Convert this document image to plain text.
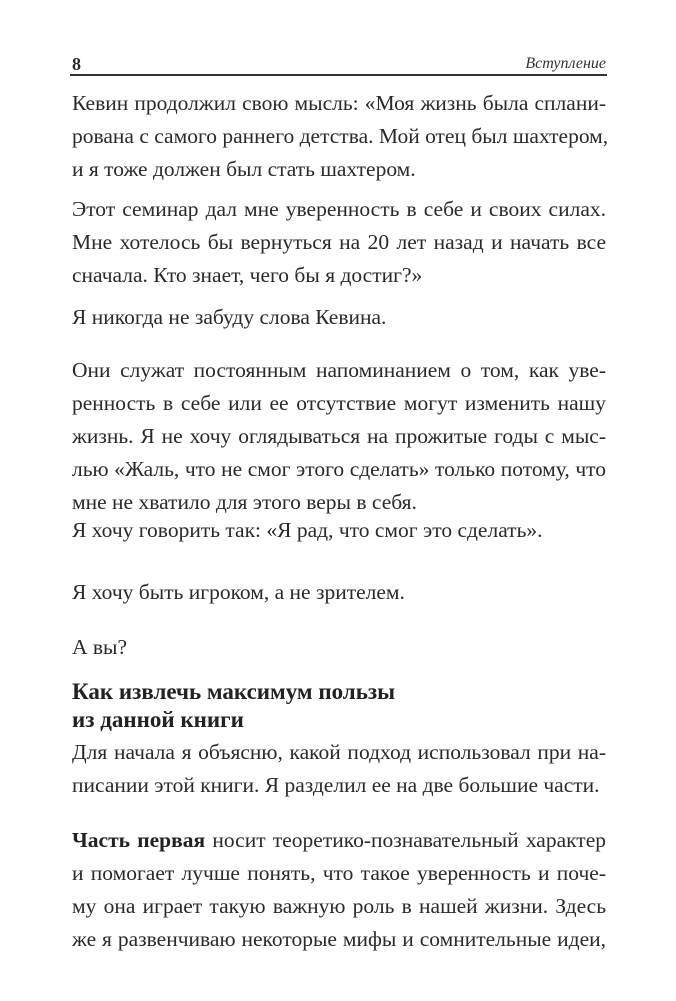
8	Вступление
Кевин продолжил свою мысль: «Моя жизнь была сплани-
рована с самого раннего детства. Мой отец был шахтером,
и я тоже должен был стать шахтером.
Этот семинар дал мне уверенность в себе и своих силах.
Мне хотелось бы вернуться на 20 лет назад и начать все
сначала. Кто знает, чего бы я достиг?»
Я никогда не забуду слова Кевина.
Они служат постоянным напоминанием о том, как уве-
ренность в себе или ее отсутствие могут изменить нашу
жизнь. Я не хочу оглядываться на прожитые годы с мыс-
лью «Жаль, что не смог этого сделать» только потому, что
мне не хватило для этого веры в себя.
Я хочу говорить так: «Я рад, что смог это сделать».
Я хочу быть игроком, а не зрителем.
А вы?
Как извлечь максимум пользы
из данной книги
Для начала я объясню, какой подход использовал при на-
писании этой книги. Я разделил ее на две большие части.
Часть первая носит теоретико-познавательный характер
и помогает лучше понять, что такое уверенность и поче-
му она играет такую важную роль в нашей жизни. Здесь
же я развенчиваю некоторые мифы и сомнительные идеи,
